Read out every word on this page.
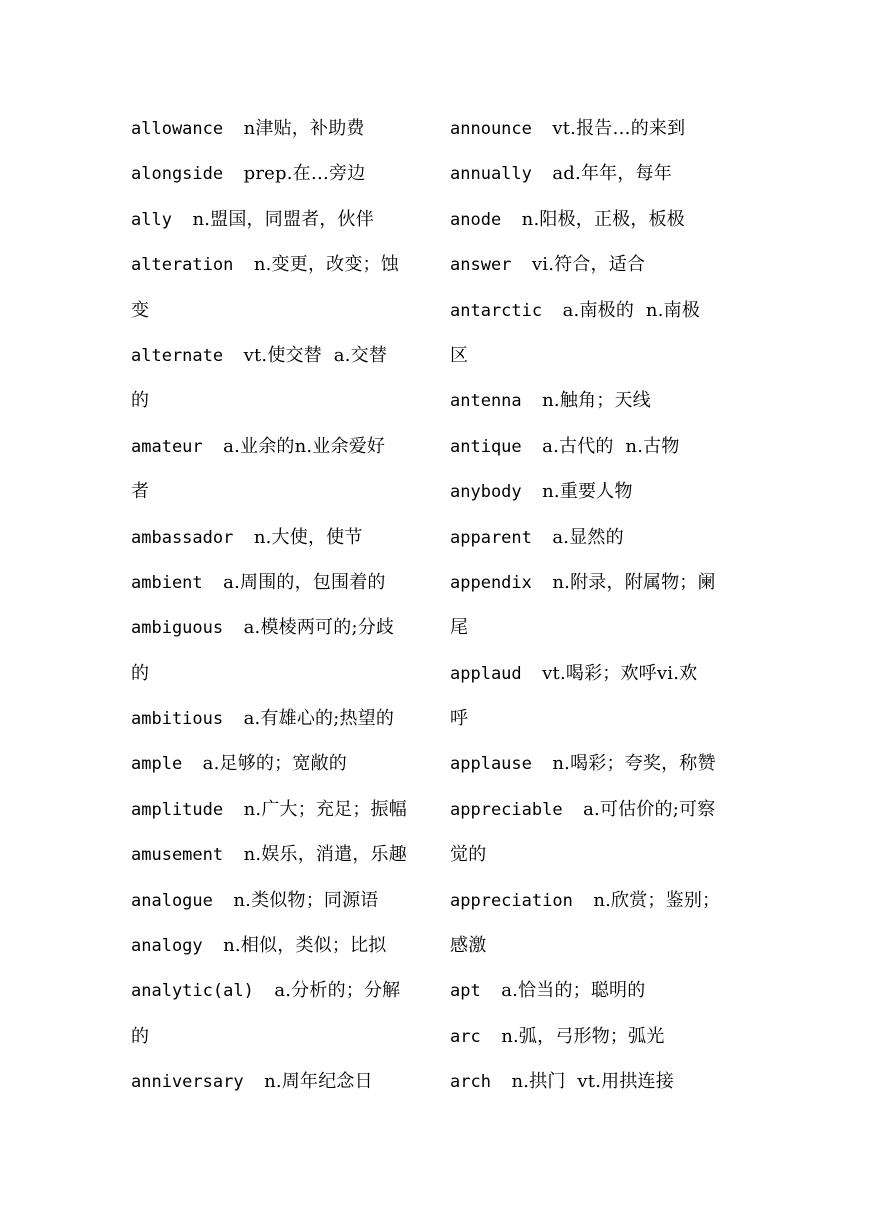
allowance n津贴，补助费
alongside prep.在…旁边
ally n.盟国，同盟者，伙伴
alteration n.变更，改变；蚀
变
alternate vt.使交替  a.交替
的
amateur a.业余的n.业余爱好
者
ambassador n.大使，使节
ambient a.周围的，包围着的
ambiguous a.模棱两可的;分歧
的
ambitious a.有雄心的;热望的
ample a.足够的；宽敞的
amplitude n.广大；充足；振幅
amusement n.娱乐，消遣，乐趣
analogue n.类似物；同源语
analogy n.相似，类似；比拟
analytic(al) a.分析的；分解
的
anniversary n.周年纪念日
announce vt.报告…的来到
annually ad.年年，每年
anode n.阳极，正极，板极
answer vi.符合，适合
antarctic a.南极的  n.南极
区
antenna n.触角；天线
antique a.古代的  n.古物
anybody n.重要人物
apparent a.显然的
appendix n.附录，附属物；阑
尾
applaud vt.喝彩；欢呼vi.欢
呼
applause n.喝彩；夸奖，称赞
appreciable a.可估价的;可察
觉的
appreciation n.欣赏；鉴别；
感激
apt a.恰当的；聪明的
arc n.弧，弓形物；弧光
arch n.拱门  vt.用拱连接
